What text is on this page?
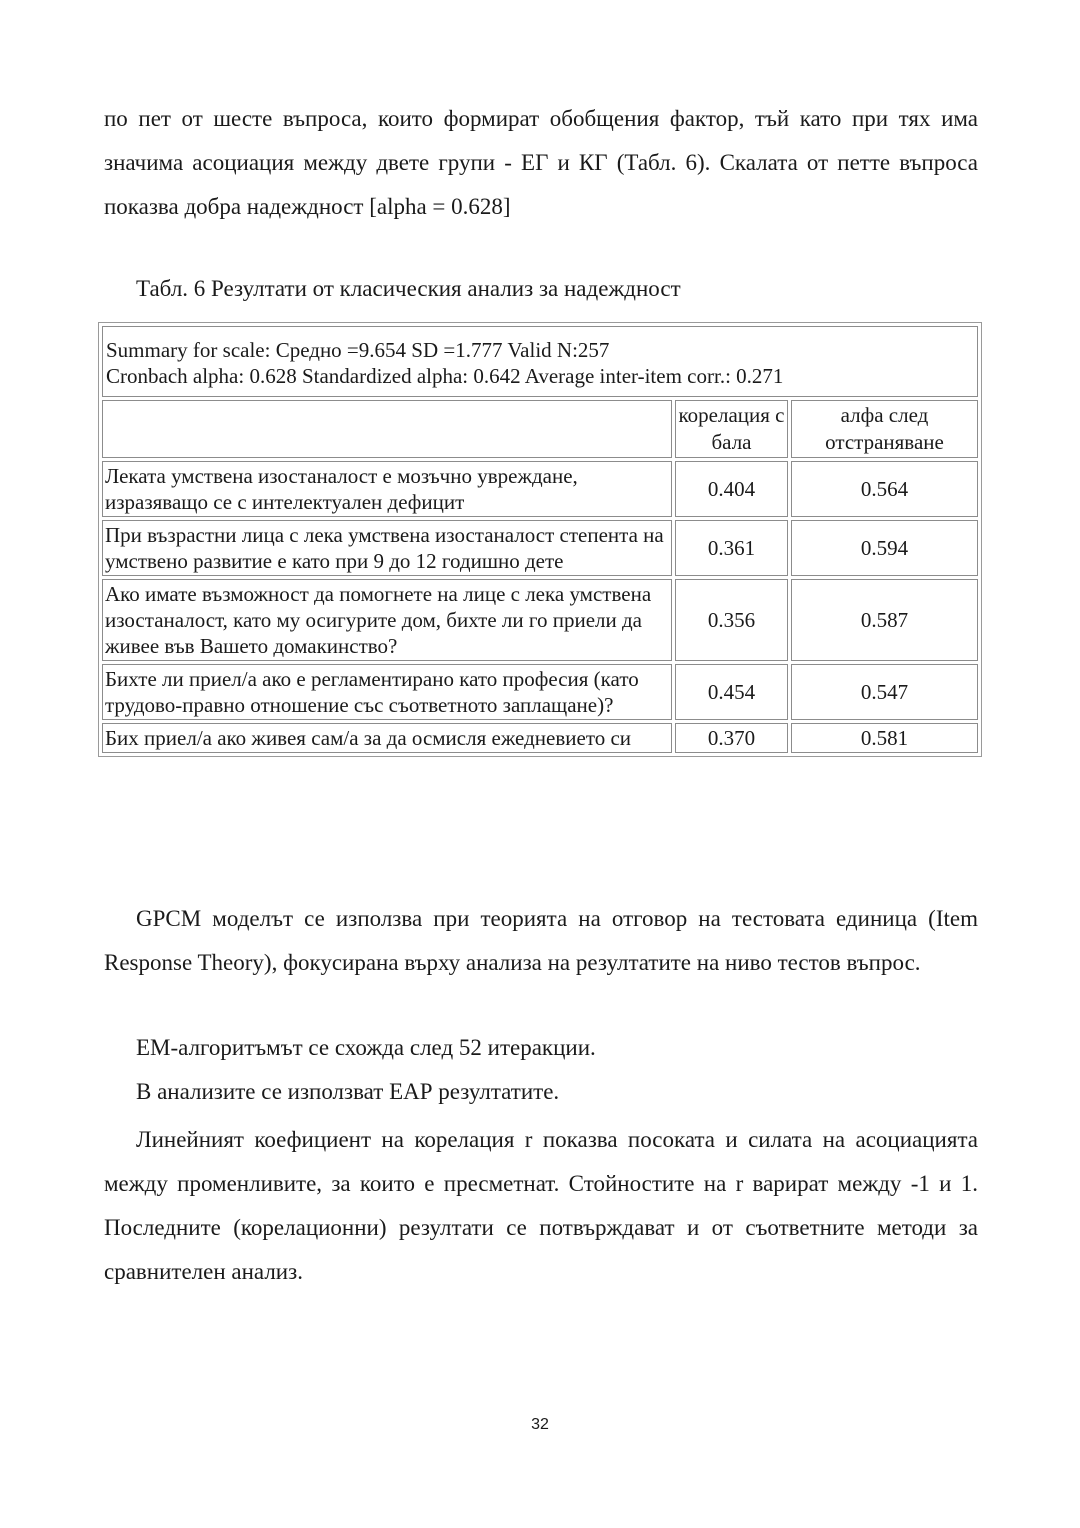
по пет от шесте въпроса, които формират обобщения фактор, тъй като при тях има значима асоциация между двете групи - ЕГ и КГ (Табл. 6). Скалата от петте въпроса показва добра надеждност [alpha = 0.628]

Табл. 6 Резултати от класическия анализ за надеждност

Summary for scale: Средно =9.654 SD =1.777 Valid N:257
Cronbach alpha: 0.628 Standardized alpha: 0.642 Average inter-item corr.: 0.271		

	корелация с бала	алфа след отстраняване
Леката умствена изостаналост е мозъчно увреждане, изразяващо се с интелектуален дефицит	0.404	0.564
При възрастни лица с лека умствена изостаналост степента на умствено развитие е като при 9 до 12 годишно дете	0.361	0.594
Ако имате възможност да помогнете на лице с лека умствена изостаналост, като му осигурите дом, бихте ли го приели да живее във Вашето домакинство?	0.356	0.587
Бихте ли приел/а ако е регламентирано като професия (като трудово-правно отношение със съответното заплащане)?	0.454	0.547
Бих приел/а ако живея сам/а за да осмисля ежедневието си	0.370	0.581

GPCM моделът се използва при теорията на отговор на тестовата единица (Item Response Theory), фокусирана върху анализа на резултатите на ниво тестов въпрос.

ЕМ-алгоритъмът се схожда след 52 итеракции.

В анализите се използват ЕАР резултатите.

Линейният коефициент на корелация r показва посоката и силата на асоциацията между променливите, за които е пресметнат. Стойностите на r варират между -1 и 1. Последните (корелационни) резултати се потвърждават и от съответните методи за сравнителен анализ.

32
